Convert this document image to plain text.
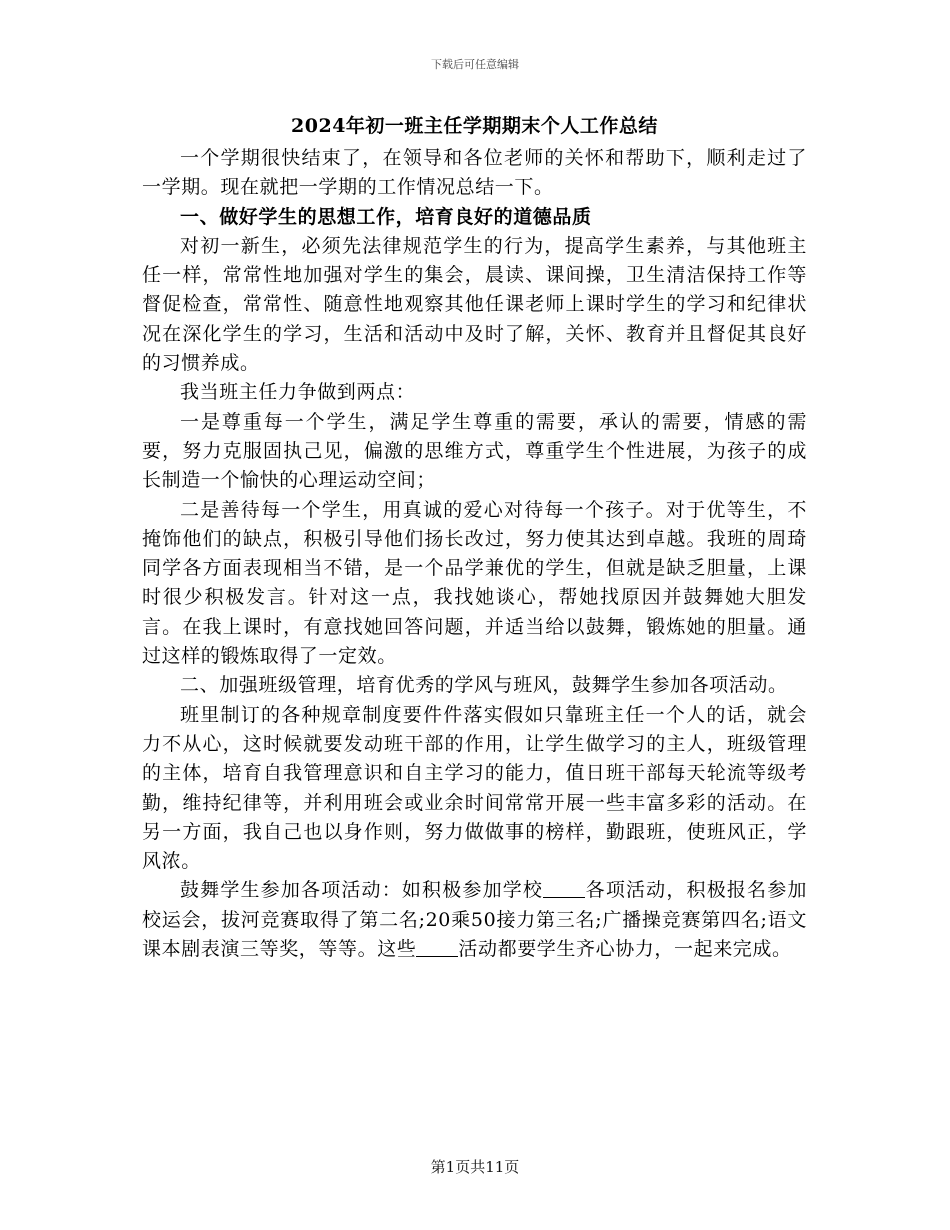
下载后可任意编辑
2024年初一班主任学期期末个人工作总结

一个学期很快结束了，在领导和各位老师的关怀和帮助下，顺利走过了一学期。现在就把一学期的工作情况总结一下。

一、做好学生的思想工作，培育良好的道德品质

对初一新生，必须先法律规范学生的行为，提高学生素养，与其他班主任一样，常常性地加强对学生的集会，晨读、课间操，卫生清洁保持工作等督促检查，常常性、随意性地观察其他任课老师上课时学生的学习和纪律状况在深化学生的学习，生活和活动中及时了解，关怀、教育并且督促其良好的习惯养成。

我当班主任力争做到两点：

一是尊重每一个学生，满足学生尊重的需要，承认的需要，情感的需要，努力克服固执己见，偏激的思维方式，尊重学生个性进展，为孩子的成长制造一个愉快的心理运动空间；

二是善待每一个学生，用真诚的爱心对待每一个孩子。对于优等生，不掩饰他们的缺点，积极引导他们扬长改过，努力使其达到卓越。我班的周琦同学各方面表现相当不错，是一个品学兼优的学生，但就是缺乏胆量，上课时很少积极发言。针对这一点，我找她谈心，帮她找原因并鼓舞她大胆发言。在我上课时，有意找她回答问题，并适当给以鼓舞，锻炼她的胆量。通过这样的锻炼取得了一定效。

二、加强班级管理，培育优秀的学风与班风，鼓舞学生参加各项活动。

班里制订的各种规章制度要件件落实假如只靠班主任一个人的话，就会力不从心，这时候就要发动班干部的作用，让学生做学习的主人，班级管理的主体，培育自我管理意识和自主学习的能力，值日班干部每天轮流等级考勤，维持纪律等，并利用班会或业余时间常常开展一些丰富多彩的活动。在另一方面，我自己也以身作则，努力做做事的榜样，勤跟班，使班风正，学风浓。

鼓舞学生参加各项活动：如积极参加学校 各项活动，积极报名参加校运会，拔河竞赛取得了第二名;20乘50接力第三名;广播操竞赛第四名;语文课本剧表演三等奖，等等。这些 活动都要学生齐心协力，一起来完成。

第1页共11页
